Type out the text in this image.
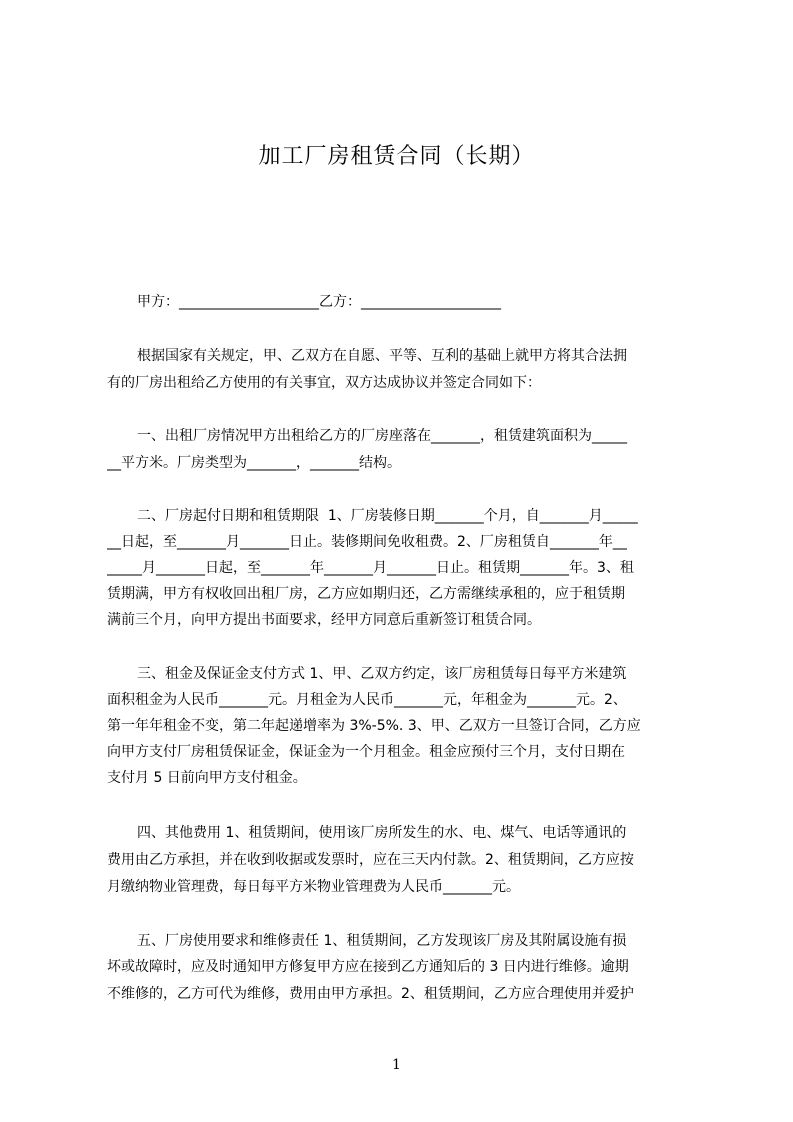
加工厂房租赁合同（长期）
甲方：____________________乙方：____________________
根据国家有关规定，甲、乙双方在自愿、平等、互利的基础上就甲方将其合法拥
有的厂房出租给乙方使用的有关事宜，双方达成协议并签定合同如下：
一、出租厂房情况甲方出租给乙方的厂房座落在_______，租赁建筑面积为_____
__平方米。厂房类型为_______，_______结构。
二、厂房起付日期和租赁期限  1、厂房装修日期_______个月，自_______月_____
__日起，至_______月_______日止。装修期间免收租费。2、厂房租赁自_______年__
_____月_______日起，至_______年_______月_______日止。租赁期_______年。3、租
赁期满，甲方有权收回出租厂房，乙方应如期归还，乙方需继续承租的，应于租赁期
满前三个月，向甲方提出书面要求，经甲方同意后重新签订租赁合同。
三、租金及保证金支付方式 1、甲、乙双方约定，该厂房租赁每日每平方米建筑
面积租金为人民币_______元。月租金为人民币_______元，年租金为_______元。2、
第一年年租金不变，第二年起递增率为 3%-5%. 3、甲、乙双方一旦签订合同，乙方应
向甲方支付厂房租赁保证金，保证金为一个月租金。租金应预付三个月，支付日期在
支付月 5 日前向甲方支付租金。
四、其他费用 1、租赁期间，使用该厂房所发生的水、电、煤气、电话等通讯的
费用由乙方承担，并在收到收据或发票时，应在三天内付款。2、租赁期间，乙方应按
月缴纳物业管理费，每日每平方米物业管理费为人民币_______元。
五、厂房使用要求和维修责任 1、租赁期间，乙方发现该厂房及其附属设施有损
坏或故障时，应及时通知甲方修复甲方应在接到乙方通知后的 3 日内进行维修。逾期
不维修的，乙方可代为维修，费用由甲方承担。2、租赁期间，乙方应合理使用并爱护
1
